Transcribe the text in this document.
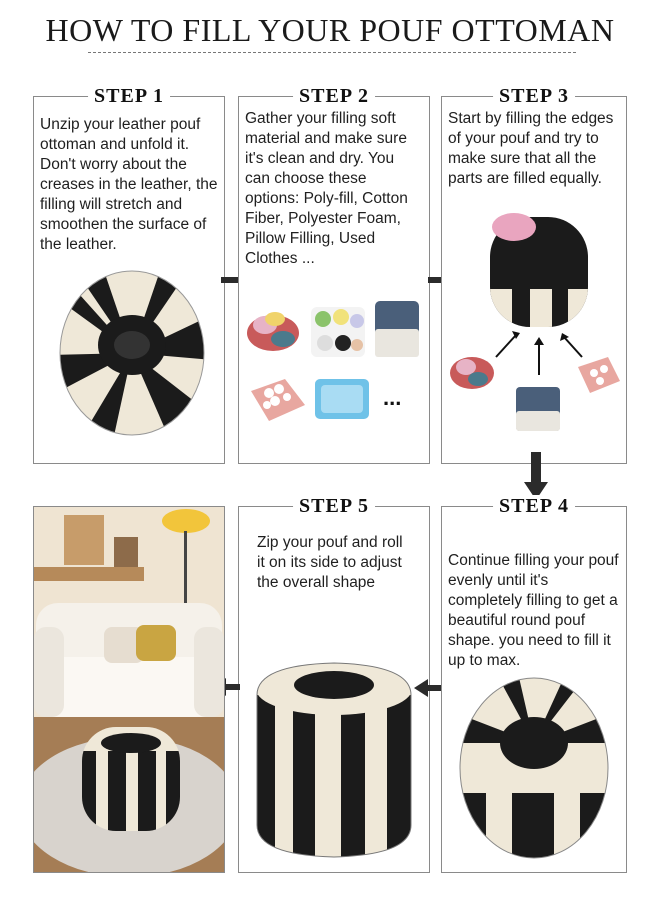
HOW TO FILL YOUR POUF OTTOMAN
STEP 1
Unzip your leather pouf ottoman and unfold it. Don't worry about the creases in the leather, the filling will stretch and smoothen the surface of the leather.
STEP 2
Gather your filling soft material and make sure it's clean and dry. You can choose these options: Poly-fill, Cotton Fiber, Polyester Foam, Pillow Filling, Used Clothes ...
...
STEP 3
Start by filling the edges of your pouf and try to make sure that all the parts are filled equally.
STEP 5
Zip your pouf and roll it on its side to adjust the overall shape
STEP 4
Continue filling your pouf evenly until it's completely filling to get a beautiful round pouf shape. you need to fill it up to max.
